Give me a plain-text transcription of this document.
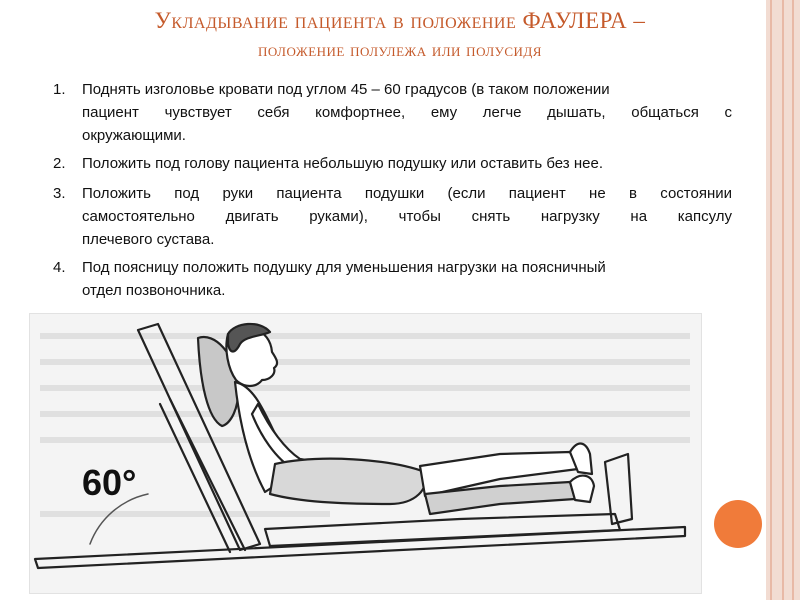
Укладывание пациента в положение ФАУЛЕРА –
положение полулежа или полусидя
1. Поднять изголовье кровати под углом 45 – 60 градусов (в таком положении
пациент чувствует себя комфортнее, ему легче дышать, общаться с
окружающими.
2. Положить под голову пациента небольшую подушку или оставить без нее.
3. Положить под руки пациента подушки (если пациент не в состоянии
самостоятельно двигать руками), чтобы снять нагрузку на капсулу
плечевого сустава.
4. Под поясницу положить подушку для уменьшения нагрузки на поясничный
отдел позвоночника.
60°
